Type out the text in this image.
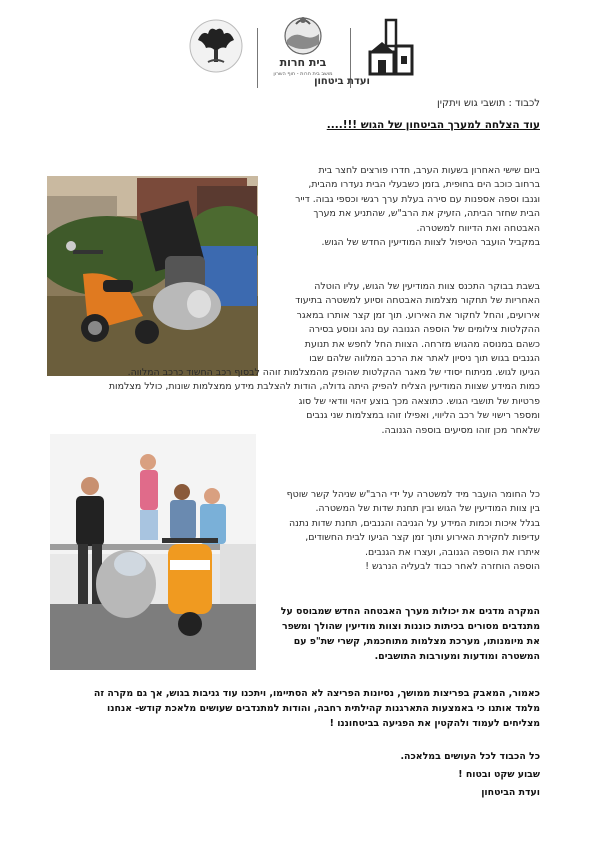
בית חרות
מושב בית חרות - חוף השרון
ועדת ביטחון
לכבוד : תושבי גוש ויתקין
עוד הצלחה למערך הביטחון של הגוש !!!....
ביום שישי האחרון בשעות הערב, חדרו פורצים לחצר בית
ברחוב כוכב הים בחופית, בזמן כשבעלי הבית נעדרו מהבית,
וגנבו וספה אספנות עם סירה בעלת ערך רגשי וכספי גבוה. דייר
הבית שחזר הביתה, הזעיק את הרב"ש, שהתניע את מערך
האבטחה ואת הדיווח למשטרה.
במקביל הועבר הטיפול לצוות המודיעין החדש של הגוש.
בשבת בבוקר התכנס צוות המודיעין של הגוש, עליו הוטלה
האחריות של תחקור מצלמות האבטחה וסיוע למשטרה בתיעוד
אירועים, והחל לחקור את האירוע. תוך זמן קצר אותרו במאגר
ההקלטות צילומים של הוספה הגנובה עם נהג ונוסע בסירה
כשהם במנוסה מהגוש מזרחה. הצוות החל לחפש את תנועת
הגנבים בגוש תוך ניסיון לאתר את הרכב המלווה שלהם שבו
הגיעו לגוש. מניתוח יסודי של מאגר ההקלטות שהופק מהמצלמות זוהה לבסוף רכב החשוד כרכב המלווה.
כמות המידע שצוות המודיעין הצליח להפיק היתה גדולה, הודות להצלבת מידע ממצלמות שונות, כולל מצלמות
פרטיות של תושבי הגוש. כתוצאה מכך בוצע זיהוי וודאי של סוג
ומספר רישוי של רכב הליווי, ואפילו זוהו במצלמות שני גנבים
שלאחר מכן זוהו מסיעים בוספה הגנובה.
כל החומר הועבר מיד למשטרה על ידי הרב"ש שניהל קשר שוטף
בין צוות המודיעין של הגוש ובין תחנת שדות של המשטרה.
בגלל איכות וכמות המידע על הגניבה והגנבים, תחנת שדות נתנה
עדיפות לחקירת האירוע ותוך זמן קצר הגיעו לבית החשודים,
איתרו את הוספה הגנובה, ועצרו את הגנבים.
הוספה הוחזרה לאחר כבוד לבעליה הנרגש !
המקרה מדגים את יכולות מערך האבטחה החדש שמבוסס על
מתנדבים מסורים בכיתות כוננות וצוות מודיעין שהולך ומשפר
את מיומנותו, מערכת מצלמות מתוחכמת, קשרי שת"פ עם
המשטרה ומודעות ומעורבות התושבים.
כאמור, המאבק בפריצות ממושך, נסיונות הפריצה לא הסתיימו, ויתכנו עוד גניבות בגוש, אך גם מקרה זה
מלמד אותנו כי באמצעות התארגנות קהילתית רחבה, והודות למתנדבים שעושים מלאכת קודש- אנחנו
מצליחים לעמוד ולהקטין את הפגיעה בביטחוננו !
כל הכבוד לכל העושים במלאכה.
שבוע שקט ובטוח !
ועדת הביטחון
